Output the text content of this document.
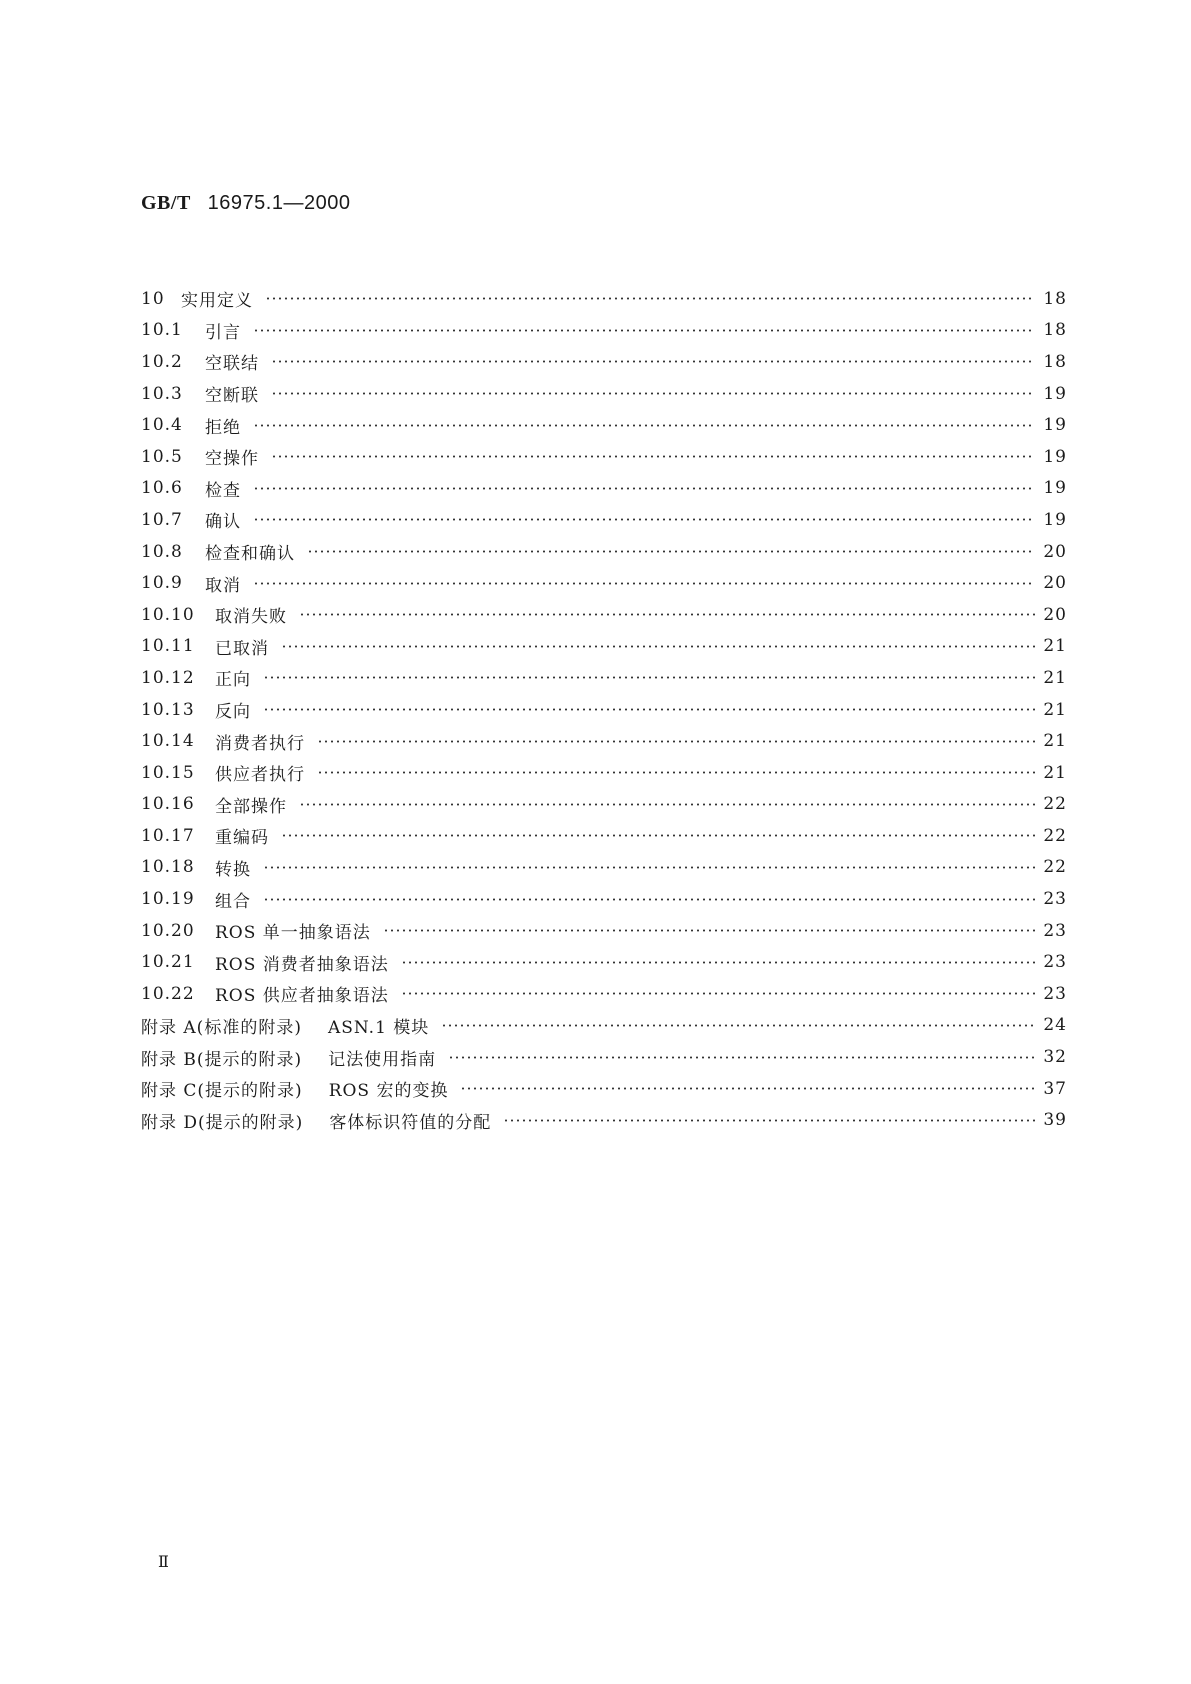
GB/T 16975.1—2000
10 实用定义	18
10.1	引言	18
10.2	空联结	18
10.3	空断联	19
10.4	拒绝	19
10.5	空操作	19
10.6	检查	19
10.7	确认	19
10.8	检查和确认	20
10.9	取消	20
10.10	取消失败	20
10.11	已取消	21
10.12	正向	21
10.13	反向	21
10.14	消费者执行	21
10.15	供应者执行	21
10.16	全部操作	22
10.17	重编码	22
10.18	转换	22
10.19	组合	23
10.20	ROS 单一抽象语法	23
10.21	ROS 消费者抽象语法	23
10.22	ROS 供应者抽象语法	23
附录 A(标准的附录) ASN.1 模块	24
附录 B(提示的附录) 记法使用指南	32
附录 C(提示的附录) ROS 宏的变换	37
附录 D(提示的附录) 客体标识符值的分配	39
Ⅱ
